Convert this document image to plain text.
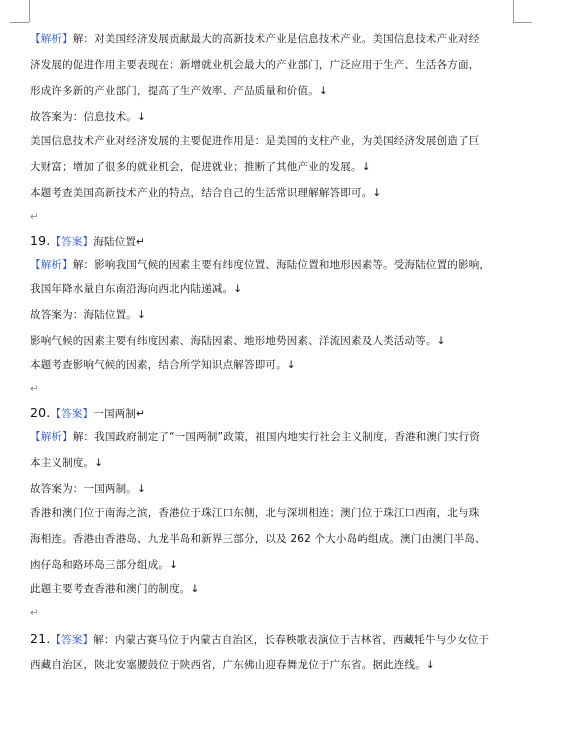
【解析】解：对美国经济发展贡献最大的高新技术产业是信息技术产业。美国信息技术产业对经
济发展的促进作用主要表现在：新增就业机会最大的产业部门，广泛应用于生产、生活各方面，
形成许多新的产业部门，提高了生产效率、产品质量和价值。↓
故答案为：信息技术。↓
美国信息技术产业对经济发展的主要促进作用是：是美国的支柱产业，为美国经济发展创造了巨
大财富；增加了很多的就业机会，促进就业；推断了其他产业的发展。↓
本题考查美国高新技术产业的特点，结合自己的生活常识理解解答即可。↓
↵
19.【答案】海陆位置↵
【解析】解：影响我国气候的因素主要有纬度位置、海陆位置和地形因素等。受海陆位置的影响，
我国年降水量自东南沿海向西北内陆递减。↓
故答案为：海陆位置。↓
影响气候的因素主要有纬度因素、海陆因素、地形地势因素、洋流因素及人类活动等。↓
本题考查影响气候的因素，结合所学知识点解答即可。↓
↵
20.【答案】一国两制↵
【解析】解：我国政府制定了“一国两制”政策，祖国内地实行社会主义制度，香港和澳门实行资
本主义制度。↓
故答案为：一国两制。↓
香港和澳门位于南海之滨，香港位于珠江口东侧，北与深圳相连；澳门位于珠江口西南，北与珠
海相连。香港由香港岛、九龙半岛和新界三部分，以及 262 个大小岛屿组成。澳门由澳门半岛、
凼仔岛和路环岛三部分组成。↓
此题主要考查香港和澳门的制度。↓
↵
21.【答案】解：内蒙古赛马位于内蒙古自治区，长春秧歌表演位于吉林省，西藏牦牛与少女位于
西藏自治区，陕北安塞腰鼓位于陕西省，广东佛山迎春舞龙位于广东省。据此连线。↓
